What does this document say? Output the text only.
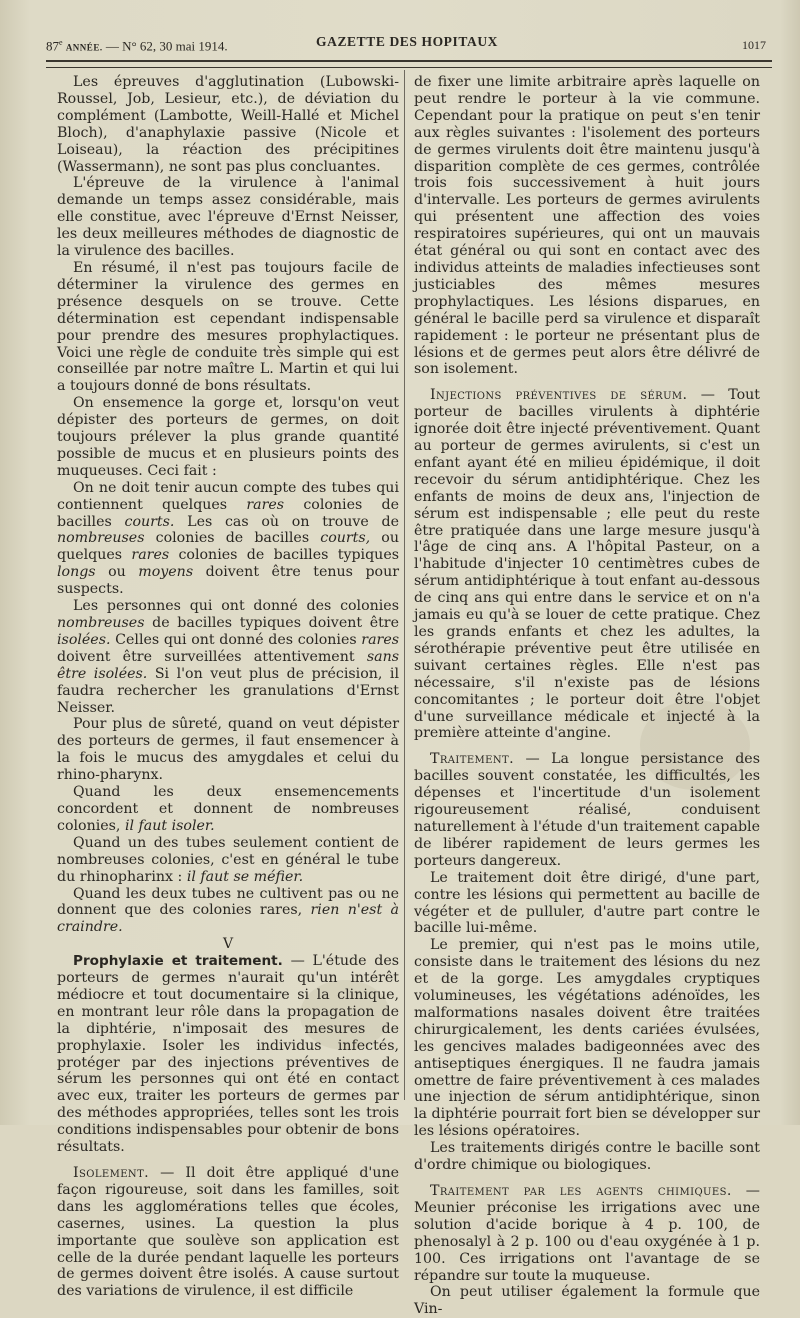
87e ANNÉE. — N° 62, 30 mai 1914.	GAZETTE DES HOPITAUX	1017

Les épreuves d'agglutination (Lubowski-Roussel, Job, Lesieur, etc.), de déviation du complément (Lambotte, Weill-Hallé et Michel Bloch), d'anaphylaxie passive (Nicole et Loiseau), la réaction des précipitines (Wassermann), ne sont pas plus concluantes.

L'épreuve de la virulence à l'animal demande un temps assez considérable, mais elle constitue, avec l'épreuve d'Ernst Neisser, les deux meilleures méthodes de diagnostic de la virulence des bacilles.

En résumé, il n'est pas toujours facile de déterminer la virulence des germes en présence desquels on se trouve. Cette détermination est cependant indispensable pour prendre des mesures prophylactiques. Voici une règle de conduite très simple qui est conseillée par notre maître L. Martin et qui lui a toujours donné de bons résultats.

On ensemence la gorge et, lorsqu'on veut dépister des porteurs de germes, on doit toujours prélever la plus grande quantité possible de mucus et en plusieurs points des muqueuses. Ceci fait :

On ne doit tenir aucun compte des tubes qui contiennent quelques rares colonies de bacilles courts. Les cas où on trouve de nombreuses colonies de bacilles courts, ou quelques rares colonies de bacilles typiques longs ou moyens doivent être tenus pour suspects.

Les personnes qui ont donné des colonies nombreuses de bacilles typiques doivent être isolées. Celles qui ont donné des colonies rares doivent être surveillées attentivement sans être isolées. Si l'on veut plus de précision, il faudra rechercher les granulations d'Ernst Neisser.

Pour plus de sûreté, quand on veut dépister des porteurs de germes, il faut ensemencer à la fois le mucus des amygdales et celui du rhino-pharynx.

Quand les deux ensemencements concordent et donnent de nombreuses colonies, il faut isoler.

Quand un des tubes seulement contient de nombreuses colonies, c'est en général le tube du rhinopharinx : il faut se méfier.

Quand les deux tubes ne cultivent pas ou ne donnent que des colonies rares, rien n'est à craindre.

V

Prophylaxie et traitement. — L'étude des porteurs de germes n'aurait qu'un intérêt médiocre et tout documentaire si la clinique, en montrant leur rôle dans la propagation de la diphtérie, n'imposait des mesures de prophylaxie. Isoler les individus infectés, protéger par des injections préventives de sérum les personnes qui ont été en contact avec eux, traiter les porteurs de germes par des méthodes appropriées, telles sont les trois conditions indispensables pour obtenir de bons résultats.

Isolement. — Il doit être appliqué d'une façon rigoureuse, soit dans les familles, soit dans les agglomérations telles que écoles, casernes, usines. La question la plus importante que soulève son application est celle de la durée pendant laquelle les porteurs de germes doivent être isolés. A cause surtout des variations de virulence, il est difficile

de fixer une limite arbitraire après laquelle on peut rendre le porteur à la vie commune. Cependant pour la pratique on peut s'en tenir aux règles suivantes : l'isolement des porteurs de germes virulents doit être maintenu jusqu'à disparition complète de ces germes, contrôlée trois fois successivement à huit jours d'intervalle. Les porteurs de germes avirulents qui présentent une affection des voies respiratoires supérieures, qui ont un mauvais état général ou qui sont en contact avec des individus atteints de maladies infectieuses sont justiciables des mêmes mesures prophylactiques. Les lésions disparues, en général le bacille perd sa virulence et disparaît rapidement : le porteur ne présentant plus de lésions et de germes peut alors être délivré de son isolement.

Injections préventives de sérum. — Tout porteur de bacilles virulents à diphtérie ignorée doit être injecté préventivement. Quant au porteur de germes avirulents, si c'est un enfant ayant été en milieu épidémique, il doit recevoir du sérum antidiphtérique. Chez les enfants de moins de deux ans, l'injection de sérum est indispensable ; elle peut du reste être pratiquée dans une large mesure jusqu'à l'âge de cinq ans. A l'hôpital Pasteur, on a l'habitude d'injecter 10 centimètres cubes de sérum antidiphtérique à tout enfant au-dessous de cinq ans qui entre dans le service et on n'a jamais eu qu'à se louer de cette pratique. Chez les grands enfants et chez les adultes, la sérothérapie préventive peut être utilisée en suivant certaines règles. Elle n'est pas nécessaire, s'il n'existe pas de lésions concomitantes ; le porteur doit être l'objet d'une surveillance médicale et injecté à la première atteinte d'angine.

Traitement. — La longue persistance des bacilles souvent constatée, les difficultés, les dépenses et l'incertitude d'un isolement rigoureusement réalisé, conduisent naturellement à l'étude d'un traitement capable de libérer rapidement de leurs germes les porteurs dangereux.

Le traitement doit être dirigé, d'une part, contre les lésions qui permettent au bacille de végéter et de pulluler, d'autre part contre le bacille lui-même.

Le premier, qui n'est pas le moins utile, consiste dans le traitement des lésions du nez et de la gorge. Les amygdales cryptiques volumineuses, les végétations adénoïdes, les malformations nasales doivent être traitées chirurgicalement, les dents cariées évulsées, les gencives malades badigeonnées avec des antiseptiques énergiques. Il ne faudra jamais omettre de faire préventivement à ces malades une injection de sérum antidiphtérique, sinon la diphtérie pourrait fort bien se développer sur les lésions opératoires.

Les traitements dirigés contre le bacille sont d'ordre chimique ou biologiques.

Traitement par les agents chimiques. — Meunier préconise les irrigations avec une solution d'acide borique à 4 p. 100, de phenosalyl à 2 p. 100 ou d'eau oxygénée à 1 p. 100. Ces irrigations ont l'avantage de se répandre sur toute la muqueuse.

On peut utiliser également la formule que Vin-
